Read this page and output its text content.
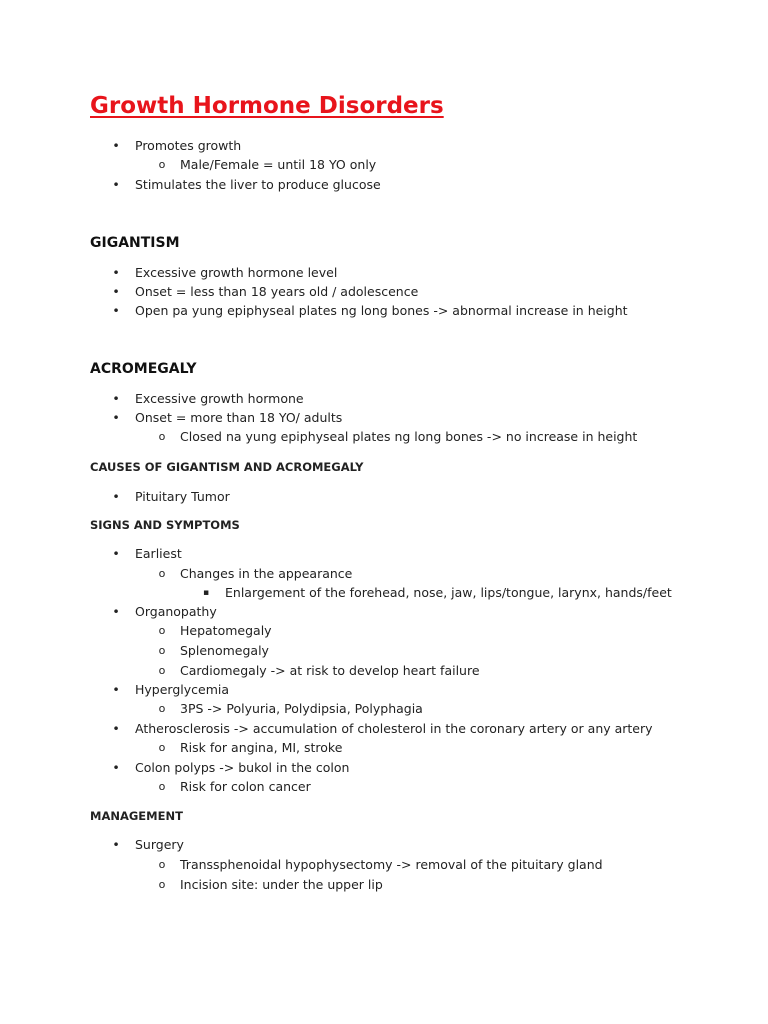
Growth Hormone Disorders
• Promotes growth
o Male/Female = until 18 YO only
• Stimulates the liver to produce glucose
GIGANTISM
• Excessive growth hormone level
• Onset = less than 18 years old / adolescence
• Open pa yung epiphyseal plates ng long bones -> abnormal increase in height
ACROMEGALY
• Excessive growth hormone
• Onset = more than 18 YO/ adults
o Closed na yung epiphyseal plates ng long bones -> no increase in height
CAUSES OF GIGANTISM AND ACROMEGALY
• Pituitary Tumor
SIGNS AND SYMPTOMS
• Earliest
o Changes in the appearance
▪ Enlargement of the forehead, nose, jaw, lips/tongue, larynx, hands/feet
• Organopathy
o Hepatomegaly
o Splenomegaly
o Cardiomegaly -> at risk to develop heart failure
• Hyperglycemia
o 3PS -> Polyuria, Polydipsia, Polyphagia
• Atherosclerosis -> accumulation of cholesterol in the coronary artery or any artery
o Risk for angina, MI, stroke
• Colon polyps -> bukol in the colon
o Risk for colon cancer
MANAGEMENT
• Surgery
o Transsphenoidal hypophysectomy -> removal of the pituitary gland
o Incision site: under the upper lip
